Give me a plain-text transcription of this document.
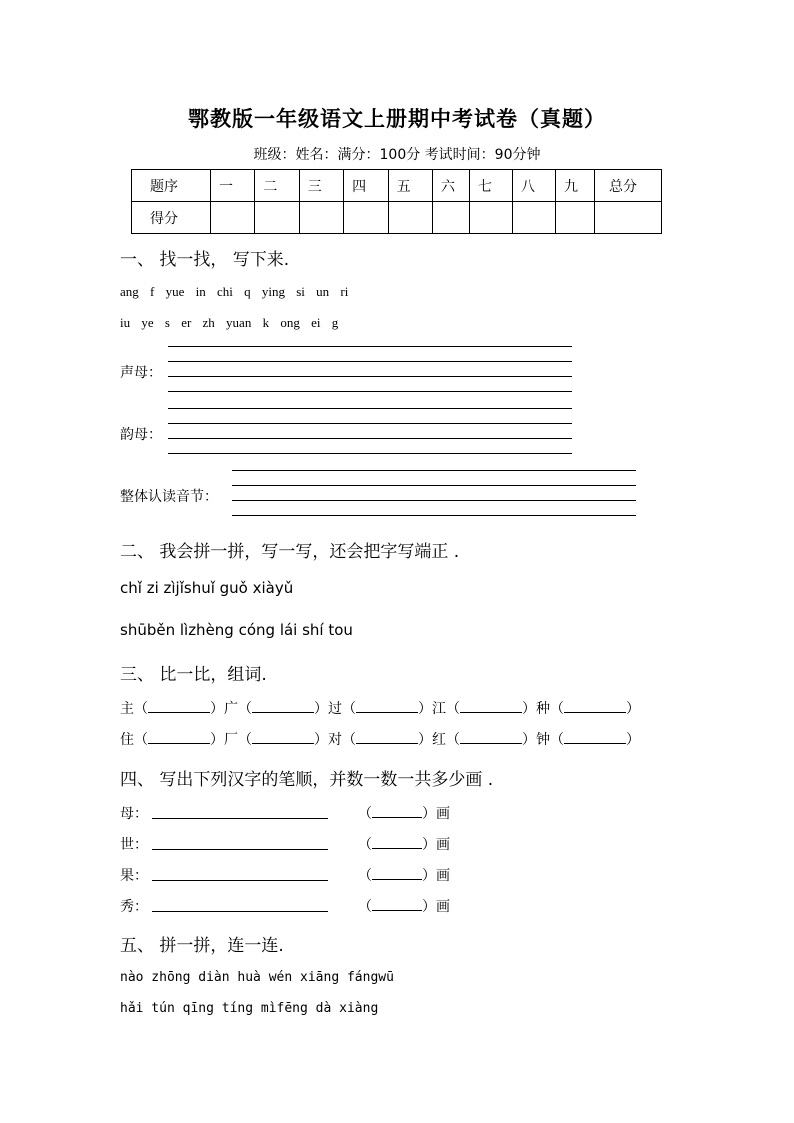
鄂教版一年级语文上册期中考试卷（真题）
班级：姓名：满分：100分 考试时间：90分钟
题序	一	二	三	四	五	六	七	八	九	总分
得分										
一、 找一找， 写下来.
ang f yue in chi q ying si un ri
iu ye s er zh yuan k ong ei g
声母：
韵母：
整体认读音节：
二、 我会拼一拼，写一写，还会把字写端正 .
chǐ zi zìjǐshuǐ guǒ xiàyǔ
shūběn lìzhèng cóng lái shí tou
三、 比一比，组词.
主（	）广（	）过（	）江（	）种（	）
住（	）厂（	）对（	）红（	）钟（	）
四、 写出下列汉字的笔顺，并数一数一共多少画 .
母：	（	）画
世：	（	）画
果：	（	）画
秀：	（	）画
五、 拼一拼，连一连.
nào zhōng diàn huà wén xiāng fángwū
hǎi tún qīng tíng mìfēng dà xiàng
